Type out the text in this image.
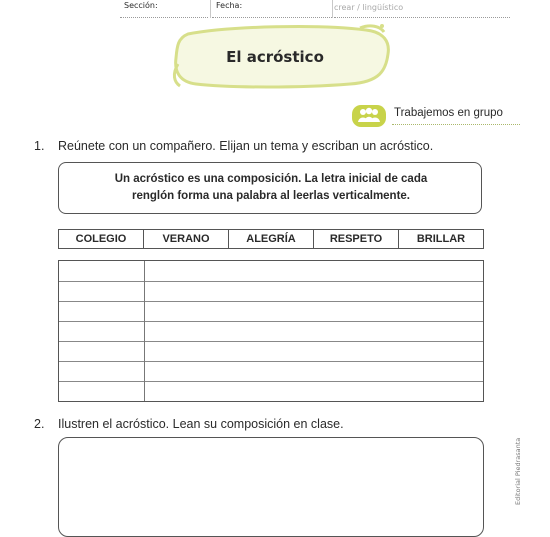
Sección:	Fecha:	crear / lingüístico
El acróstico
Trabajemos en grupo
1. Reúnete con un compañero. Elijan un tema y escriban un acróstico.
Un acróstico es una composición. La letra inicial de cada
renglón forma una palabra al leerlas verticalmente.
COLEGIO	VERANO	ALEGRÍA	RESPETO	BRILLAR
2. Ilustren el acróstico. Lean su composición en clase.
Editorial Piedrasanta
